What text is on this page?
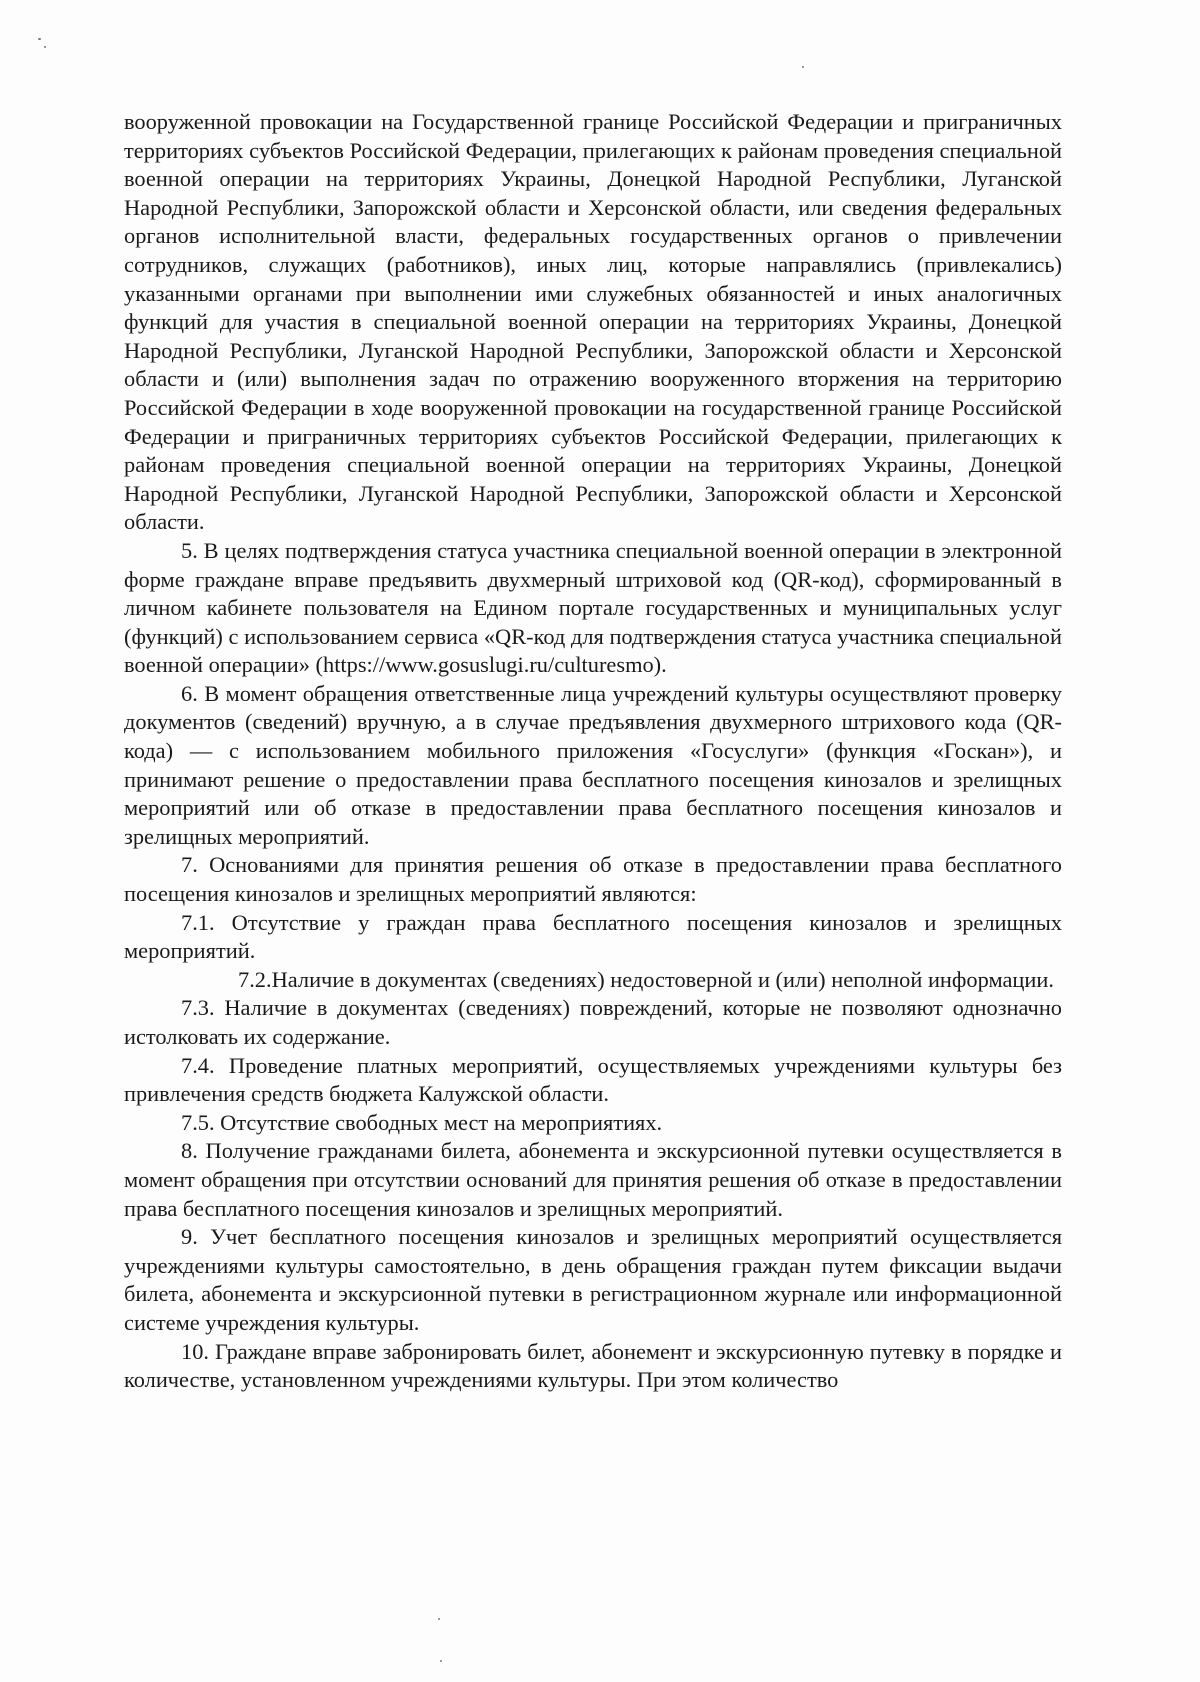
вооруженной провокации на Государственной границе Российской Федерации и приграничных территориях субъектов Российской Федерации, прилегающих к районам проведения специальной военной операции на территориях Украины, Донецкой Народной Республики, Луганской Народной Республики, Запорожской области и Херсонской области, или сведения федеральных органов исполнительной власти, федеральных государственных органов о привлечении сотрудников, служащих (работников), иных лиц, которые направлялись (привлекались) указанными органами при выполнении ими служебных обязанностей и иных аналогичных функций для участия в специальной военной операции на территориях Украины, Донецкой Народной Республики, Луганской Народной Республики, Запорожской области и Херсонской области и (или) выполнения задач по отражению вооруженного вторжения на территорию Российской Федерации в ходе вооруженной провокации на государственной границе Российской Федерации и приграничных территориях субъектов Российской Федерации, прилегающих к районам проведения специальной военной операции на территориях Украины, Донецкой Народной Республики, Луганской Народной Республики, Запорожской области и Херсонской области.

5. В целях подтверждения статуса участника специальной военной операции в электронной форме граждане вправе предъявить двухмерный штриховой код (QR-код), сформированный в личном кабинете пользователя на Едином портале государственных и муниципальных услуг (функций) с использованием сервиса «QR-код для подтверждения статуса участника специальной военной операции» (https://www.gosuslugi.ru/culturesmo).

6. В момент обращения ответственные лица учреждений культуры осуществляют проверку документов (сведений) вручную, а в случае предъявления двухмерного штрихового кода (QR-кода) — с использованием мобильного приложения «Госуслуги» (функция «Госкан»), и принимают решение о предоставлении права бесплатного посещения кинозалов и зрелищных мероприятий или об отказе в предоставлении права бесплатного посещения кинозалов и зрелищных мероприятий.

7. Основаниями для принятия решения об отказе в предоставлении права бесплатного посещения кинозалов и зрелищных мероприятий являются:

7.1. Отсутствие у граждан права бесплатного посещения кинозалов и зрелищных мероприятий.

7.2.Наличие в документах (сведениях) недостоверной и (или) неполной информации.

7.3. Наличие в документах (сведениях) повреждений, которые не позволяют однозначно истолковать их содержание.

7.4. Проведение платных мероприятий, осуществляемых учреждениями культуры без привлечения средств бюджета Калужской области.

7.5. Отсутствие свободных мест на мероприятиях.

8. Получение гражданами билета, абонемента и экскурсионной путевки осуществляется в момент обращения при отсутствии оснований для принятия решения об отказе в предоставлении права бесплатного посещения кинозалов и зрелищных мероприятий.

9. Учет бесплатного посещения кинозалов и зрелищных мероприятий осуществляется учреждениями культуры самостоятельно, в день обращения граждан путем фиксации выдачи билета, абонемента и экскурсионной путевки в регистрационном журнале или информационной системе учреждения культуры.

10. Граждане вправе забронировать билет, абонемент и экскурсионную путевку в порядке и количестве, установленном учреждениями культуры. При этом количество
